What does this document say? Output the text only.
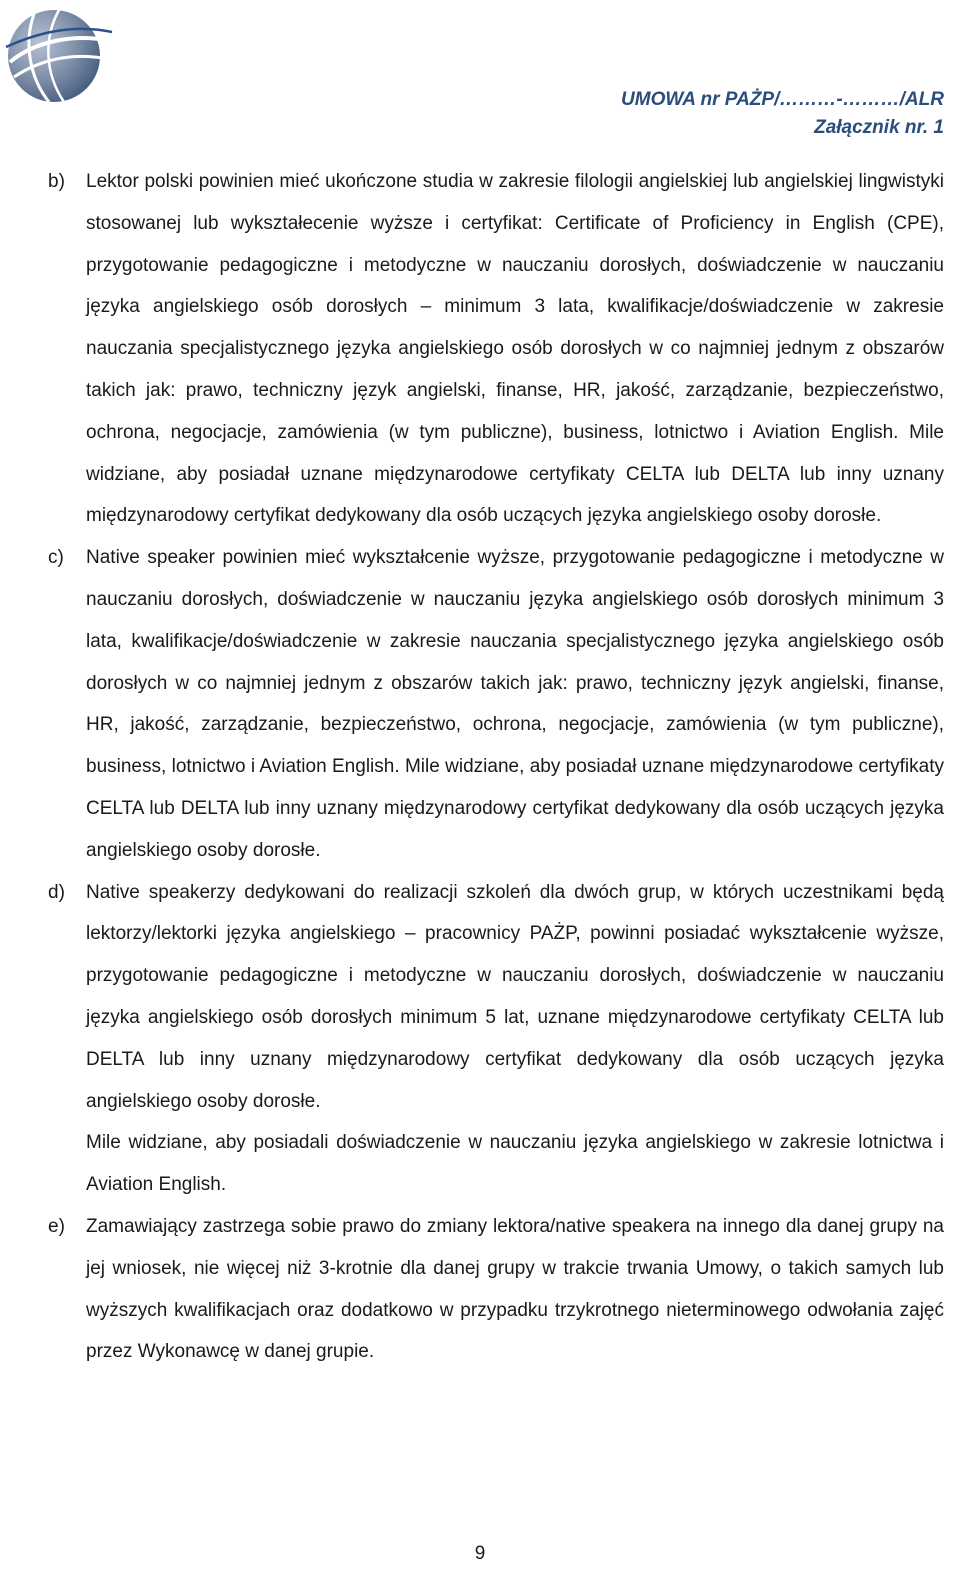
UMOWA nr PAŻP/………-………/ALR
Załącznik nr. 1
b) Lektor polski powinien mieć ukończone studia w zakresie filologii angielskiej lub angielskiej lingwistyki stosowanej lub wykształecenie wyższe i certyfikat: Certificate of Proficiency in English (CPE), przygotowanie pedagogiczne i metodyczne w nauczaniu dorosłych, doświadczenie w nauczaniu języka angielskiego osób dorosłych – minimum 3 lata, kwalifikacje/doświadczenie w zakresie nauczania specjalistycznego języka angielskiego osób dorosłych w co najmniej jednym z obszarów takich jak: prawo, techniczny język angielski, finanse, HR, jakość, zarządzanie, bezpieczeństwo, ochrona, negocjacje, zamówienia (w tym publiczne), business, lotnictwo i Aviation English. Mile widziane, aby posiadał uznane międzynarodowe certyfikaty CELTA lub DELTA lub inny uznany międzynarodowy certyfikat dedykowany dla osób uczących języka angielskiego osoby dorosłe.
c) Native speaker powinien mieć wykształcenie wyższe, przygotowanie pedagogiczne i metodyczne w nauczaniu dorosłych, doświadczenie w nauczaniu języka angielskiego osób dorosłych minimum 3 lata, kwalifikacje/doświadczenie w zakresie nauczania specjalistycznego języka angielskiego osób dorosłych w co najmniej jednym z obszarów takich jak: prawo, techniczny język angielski, finanse, HR, jakość, zarządzanie, bezpieczeństwo, ochrona, negocjacje, zamówienia (w tym publiczne), business, lotnictwo i Aviation English. Mile widziane, aby posiadał uznane międzynarodowe certyfikaty CELTA lub DELTA lub inny uznany międzynarodowy certyfikat dedykowany dla osób uczących języka angielskiego osoby dorosłe.
d) Native speakerzy dedykowani do realizacji szkoleń dla dwóch grup, w których uczestnikami będą lektorzy/lektorki języka angielskiego – pracownicy PAŻP, powinni posiadać wykształcenie wyższe, przygotowanie pedagogiczne i metodyczne w nauczaniu dorosłych, doświadczenie w nauczaniu języka angielskiego osób dorosłych minimum 5 lat, uznane międzynarodowe certyfikaty CELTA lub DELTA lub inny uznany międzynarodowy certyfikat dedykowany dla osób uczących języka angielskiego osoby dorosłe.
Mile widziane, aby posiadali doświadczenie w nauczaniu języka angielskiego w zakresie lotnictwa i Aviation English.
e) Zamawiający zastrzega sobie prawo do zmiany lektora/native speakera na innego dla danej grupy na jej wniosek, nie więcej niż 3-krotnie dla danej grupy w trakcie trwania Umowy, o takich samych lub wyższych kwalifikacjach oraz dodatkowo w przypadku trzykrotnego nieterminowego odwołania zajęć przez Wykonawcę w danej grupie.
9
